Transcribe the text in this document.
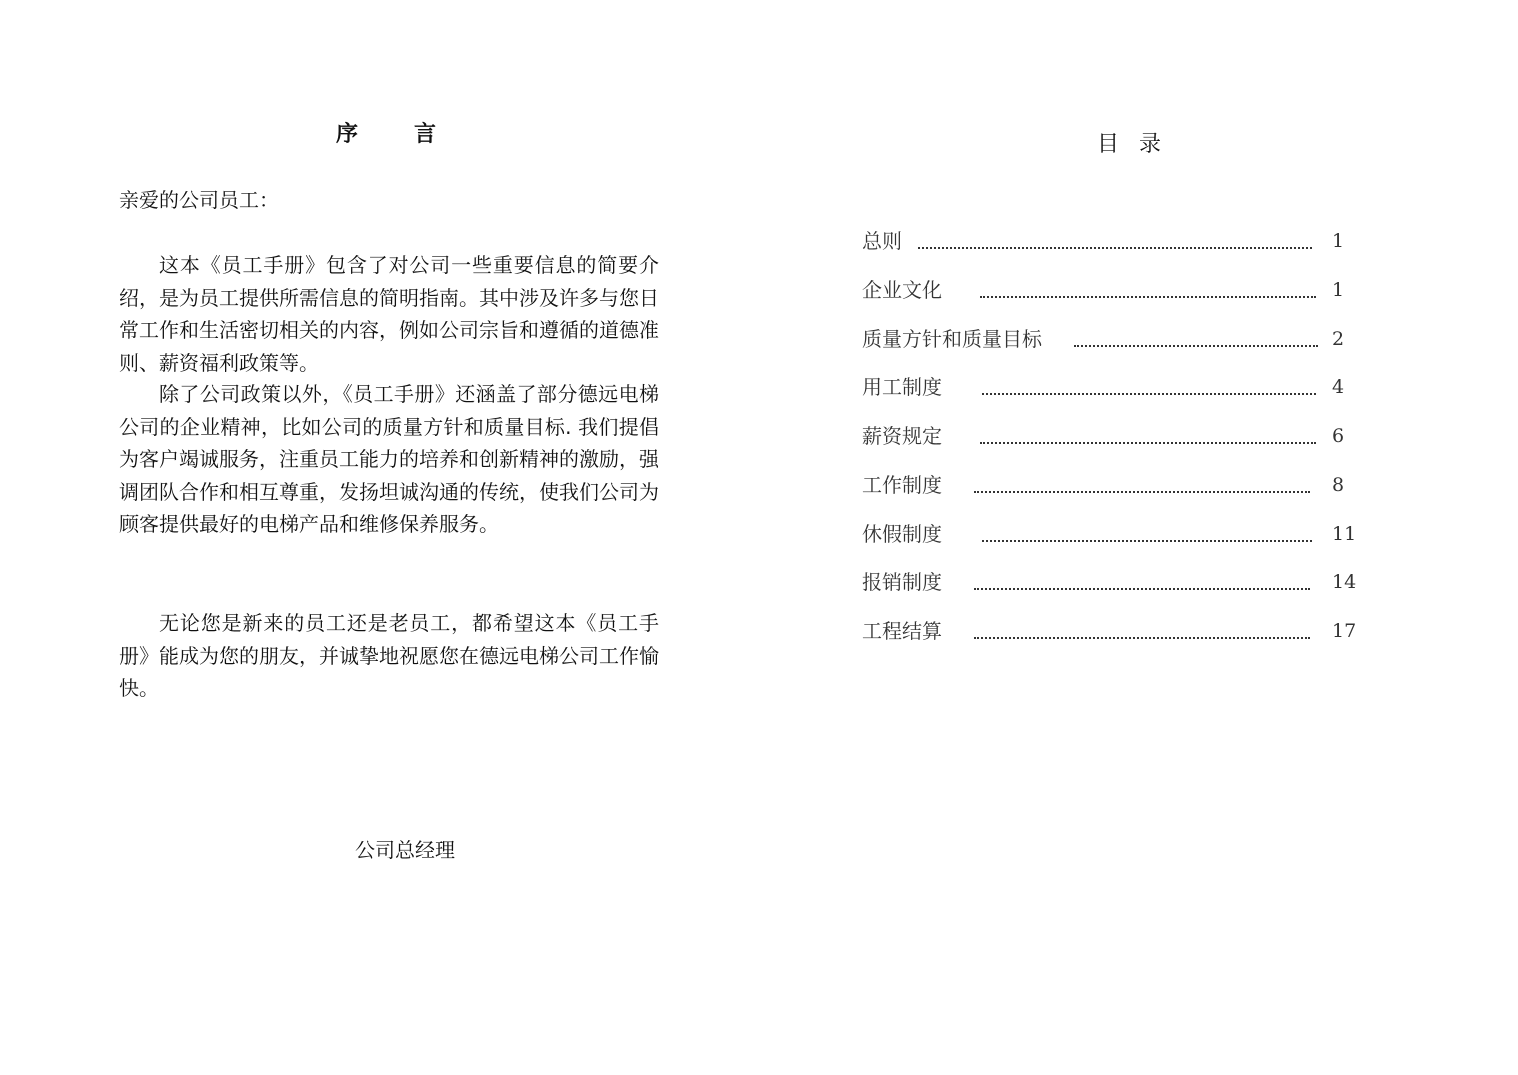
序	言

亲爱的公司员工：

这本《员工手册》包含了对公司一些重要信息的简要介绍，是为员工提供所需信息的简明指南。其中涉及许多与您日常工作和生活密切相关的内容，例如公司宗旨和遵循的道德准则、薪资福利政策等。

除了公司政策以外，《员工手册》还涵盖了部分德远电梯公司的企业精神，比如公司的质量方针和质量目标. 我们提倡为客户竭诚服务，注重员工能力的培养和创新精神的激励，强调团队合作和相互尊重，发扬坦诚沟通的传统，使我们公司为顾客提供最好的电梯产品和维修保养服务。

无论您是新来的员工还是老员工，都希望这本《员工手册》能成为您的朋友，并诚挚地祝愿您在德远电梯公司工作愉快。

公司总经理

目 录
总则	1
企业文化	1
质量方针和质量目标	2
用工制度	4
薪资规定	6
工作制度	8
休假制度	11
报销制度	14
工程结算	17
